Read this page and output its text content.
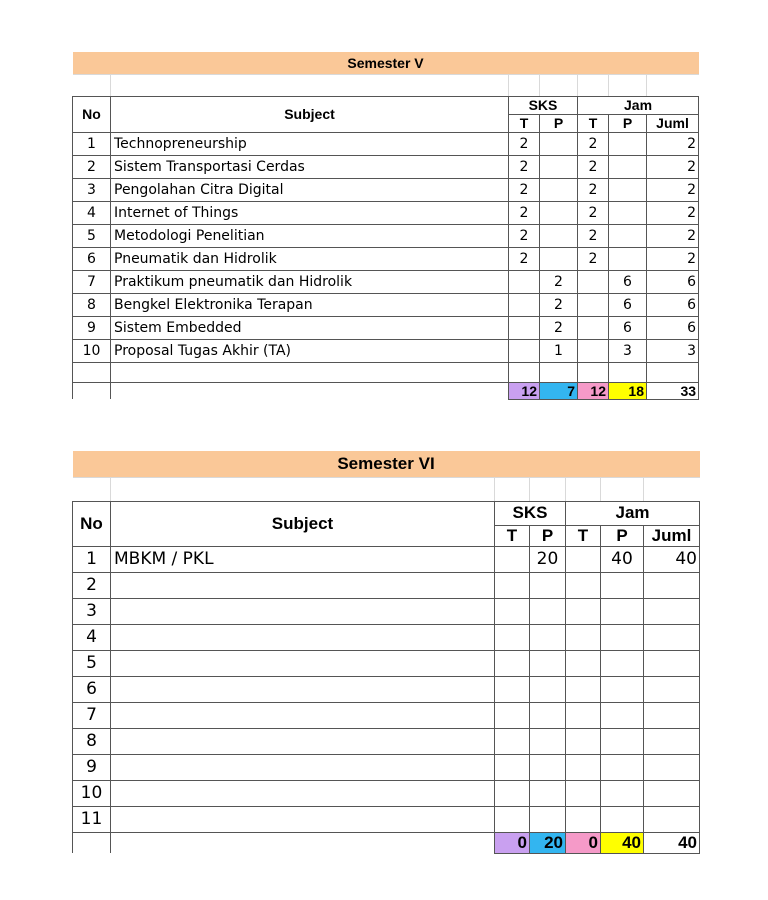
Semester V						

No	Subject	SKS		Jam		
		T	P	T	P	Juml
1	Technopreneurship	2		2		2
2	Sistem Transportasi Cerdas	2		2		2
3	Pengolahan Citra Digital	2		2		2
4	Internet of Things	2		2		2
5	Metodologi Penelitian	2		2		2
6	Pneumatik dan Hidrolik	2		2		2
7	Praktikum pneumatik dan Hidrolik		2		6	6
8	Bengkel Elektronika Terapan		2		6	6
9	Sistem Embedded		2		6	6
10	Proposal Tugas Akhir (TA)		1		3	3

		12	7	12	18	33
Semester VI						

No	Subject	SKS		Jam		
		T	P	T	P	Juml
1	MBKM / PKL		20		40	40
2						
3						
4						
5						
6						
7						
8						
9						
10						
11						
		0	20	0	40	40
